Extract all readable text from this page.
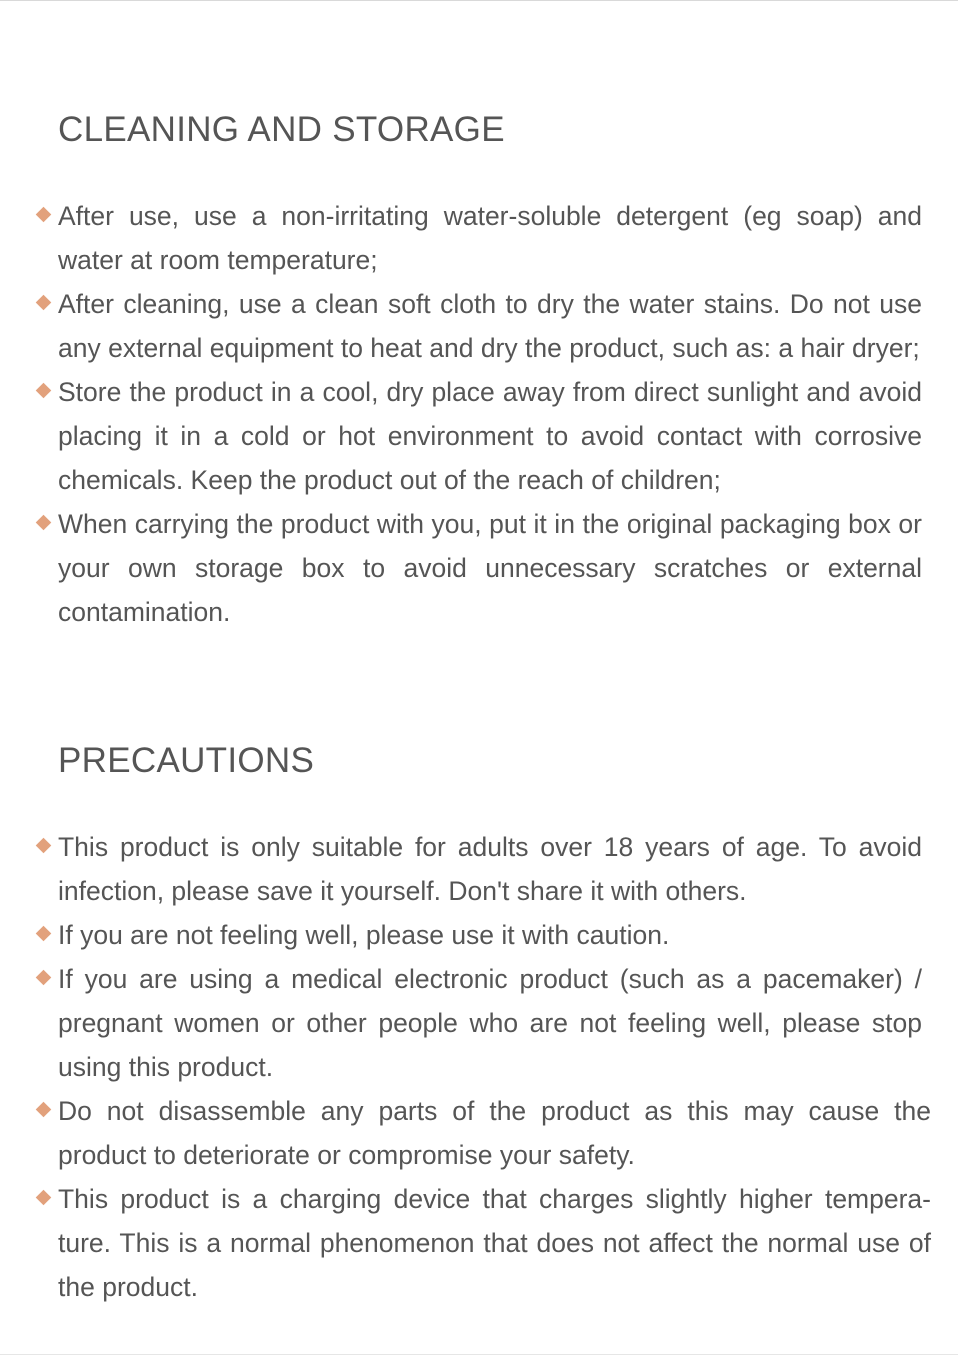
CLEANING AND STORAGE
After use, use a non-irritating water-soluble detergent (eg soap) and water at room temperature;
After cleaning, use a clean soft cloth to dry the water stains. Do not use any external equipment to heat and dry the product, such as: a hair dryer;
Store the product in a cool, dry place away from direct sunlight and avoid placing it in a cold or hot environment to avoid contact with corrosive chemicals. Keep the product out of the reach of children;
When carrying the product with you, put it in the original packaging box or your own storage box to avoid unnecessary scratches or external contamination.
PRECAUTIONS
This product is only suitable for adults over 18 years of age. To avoid infection, please save it yourself. Don't share it with others.
If you are not feeling well, please use it with caution.
If you are using a medical electronic product (such as a pacemaker) / pregnant women or other people who are not feeling well, please stop using this product.
Do not disassemble any parts of the product as this may cause the product to deteriorate or compromise your safety.
This product is a charging device that charges slightly higher tempera-ture. This is a normal phenomenon that does not affect the normal use of the product.
